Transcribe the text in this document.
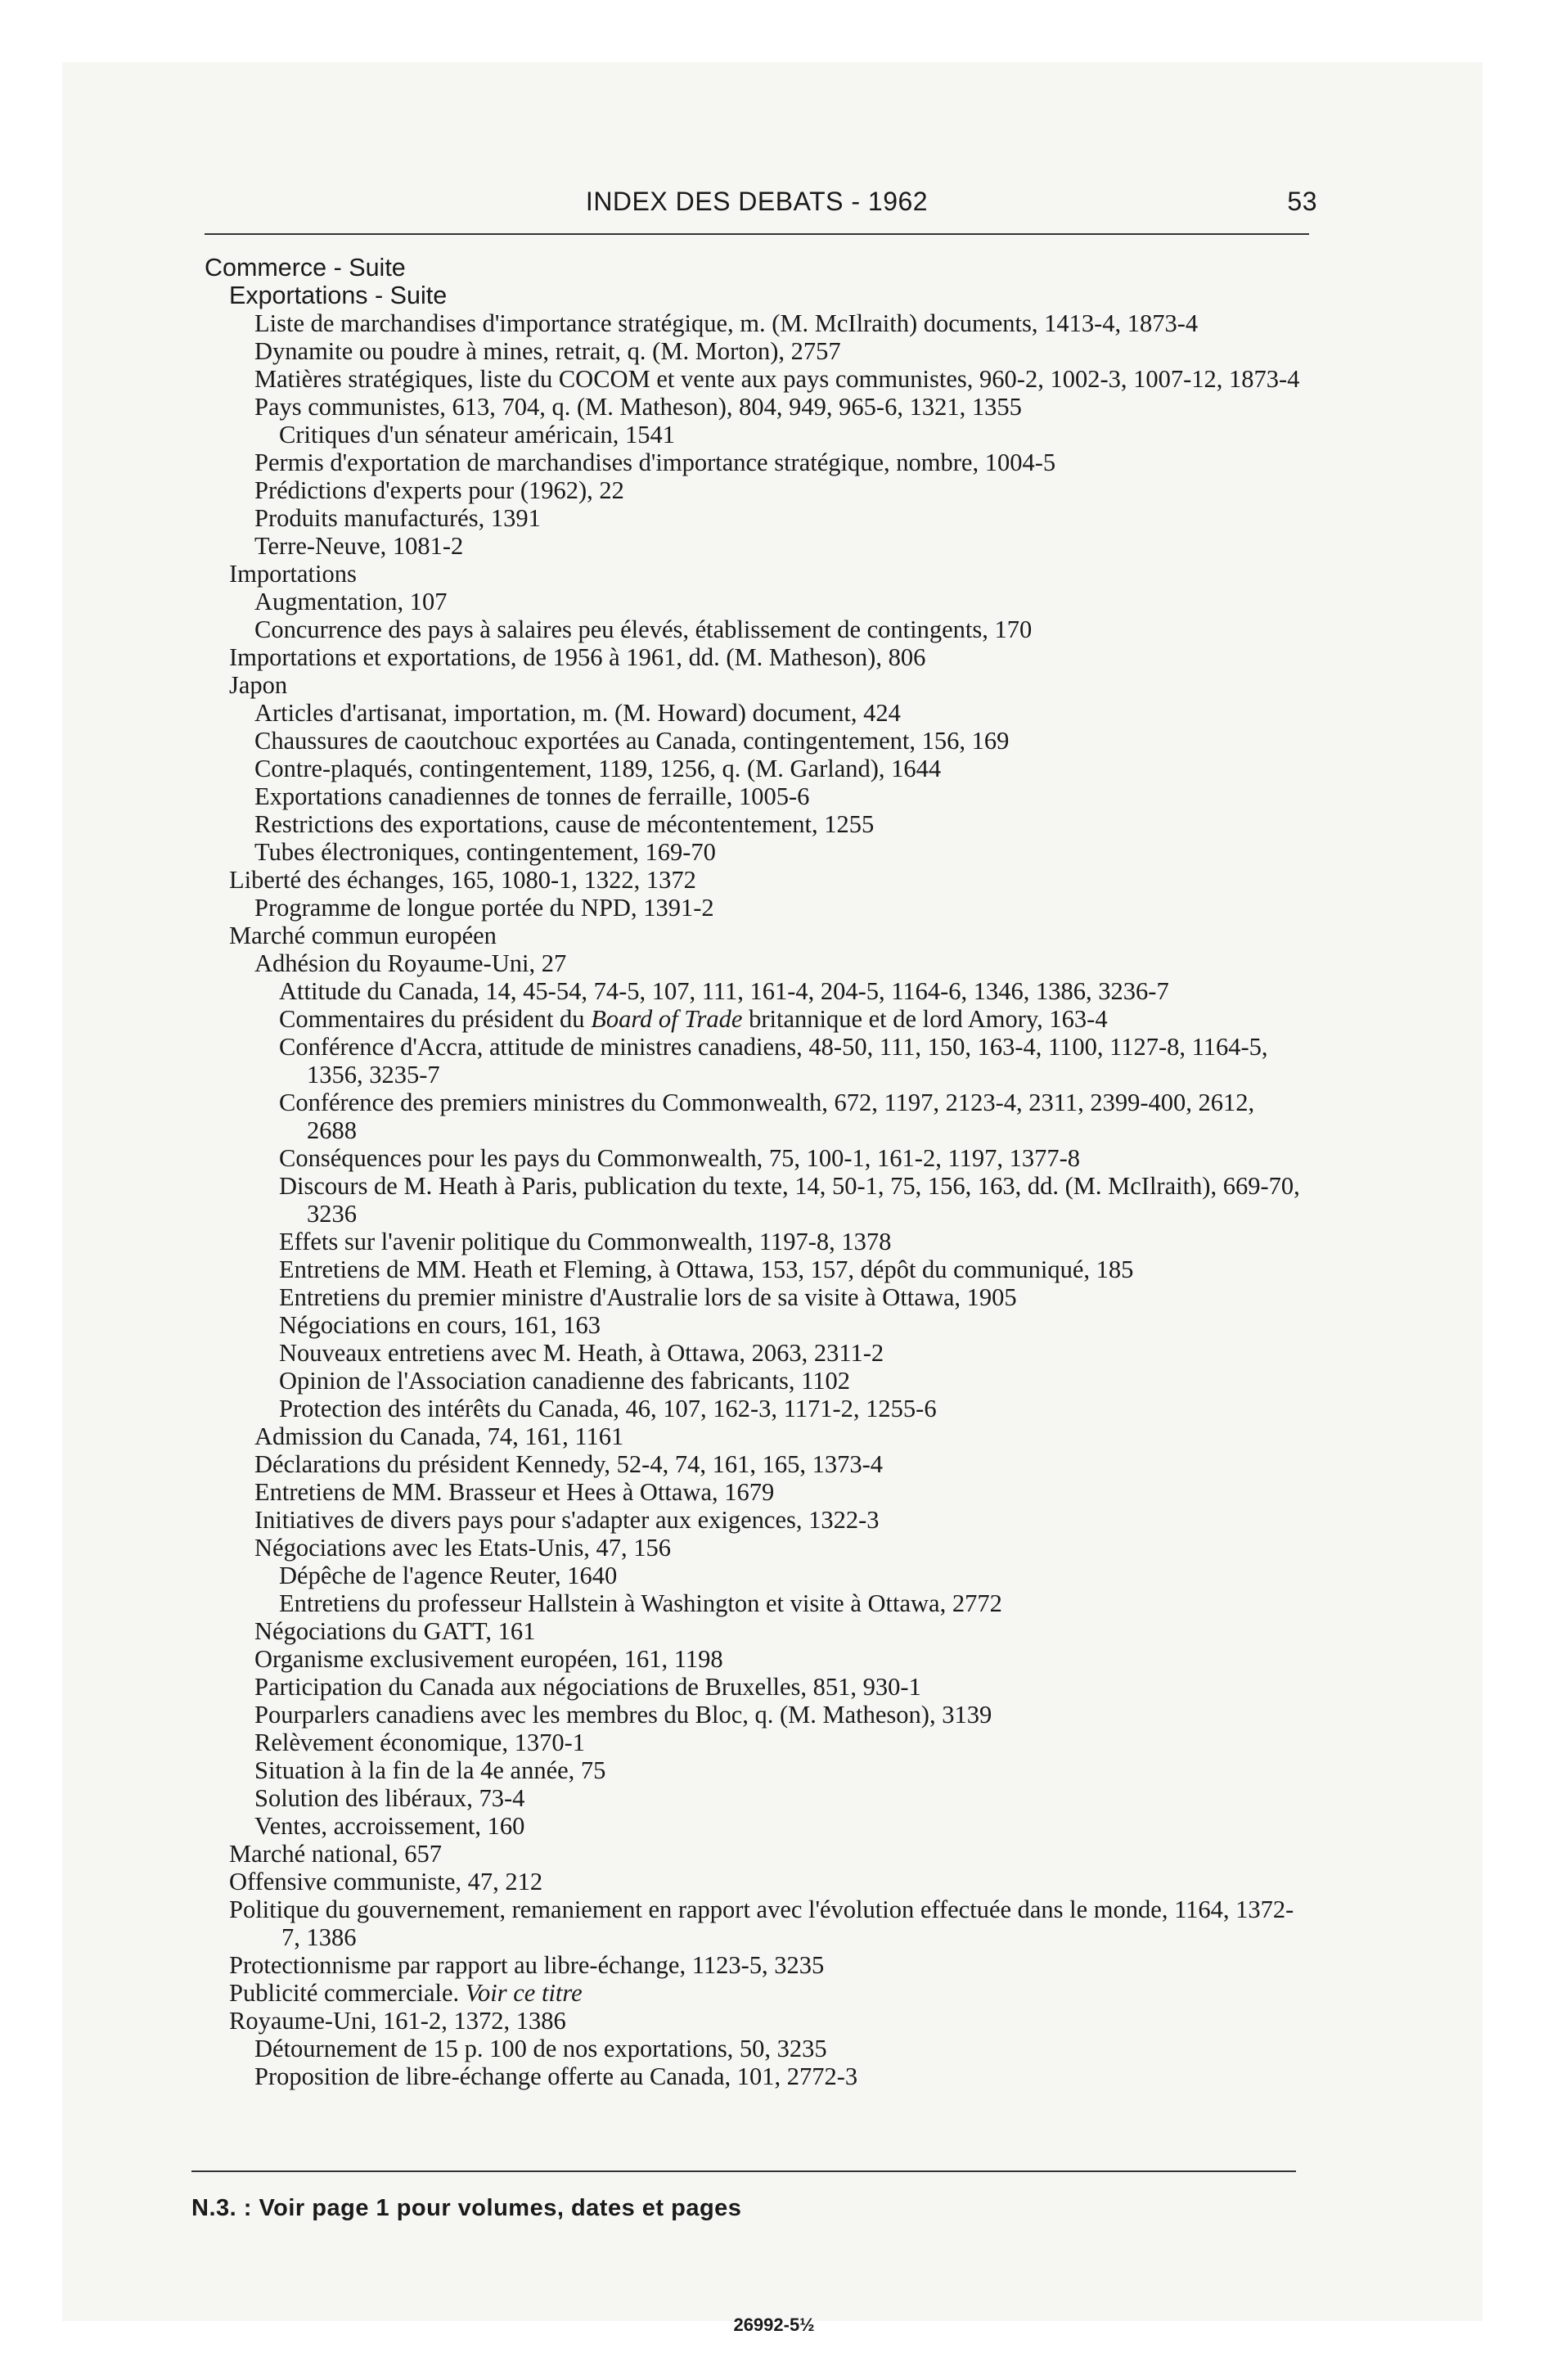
INDEX DES DEBATS - 1962	53

Commerce - Suite

Exportations - Suite

Liste de marchandises d'importance stratégique, m. (M. McIlraith) documents, 1413-4, 1873-4

Dynamite ou poudre à mines, retrait, q. (M. Morton), 2757

Matières stratégiques, liste du COCOM et vente aux pays communistes, 960-2, 1002-3, 1007-12, 1873-4

Pays communistes, 613, 704, q. (M. Matheson), 804, 949, 965-6, 1321, 1355

Critiques d'un sénateur américain, 1541

Permis d'exportation de marchandises d'importance stratégique, nombre, 1004-5

Prédictions d'experts pour (1962), 22

Produits manufacturés, 1391

Terre-Neuve, 1081-2

Importations

Augmentation, 107

Concurrence des pays à salaires peu élevés, établissement de contingents, 170

Importations et exportations, de 1956 à 1961, dd. (M. Matheson), 806

Japon

Articles d'artisanat, importation, m. (M. Howard) document, 424

Chaussures de caoutchouc exportées au Canada, contingentement, 156, 169

Contre-plaqués, contingentement, 1189, 1256, q. (M. Garland), 1644

Exportations canadiennes de tonnes de ferraille, 1005-6

Restrictions des exportations, cause de mécontentement, 1255

Tubes électroniques, contingentement, 169-70

Liberté des échanges, 165, 1080-1, 1322, 1372

Programme de longue portée du NPD, 1391-2

Marché commun européen

Adhésion du Royaume-Uni, 27

Attitude du Canada, 14, 45-54, 74-5, 107, 111, 161-4, 204-5, 1164-6, 1346, 1386, 3236-7

Commentaires du président du Board of Trade britannique et de lord Amory, 163-4

Conférence d'Accra, attitude de ministres canadiens, 48-50, 111, 150, 163-4, 1100, 1127-8, 1164-5, 1356, 3235-7

Conférence des premiers ministres du Commonwealth, 672, 1197, 2123-4, 2311, 2399-400, 2612, 2688

Conséquences pour les pays du Commonwealth, 75, 100-1, 161-2, 1197, 1377-8

Discours de M. Heath à Paris, publication du texte, 14, 50-1, 75, 156, 163, dd. (M. McIlraith), 669-70, 3236

Effets sur l'avenir politique du Commonwealth, 1197-8, 1378

Entretiens de MM. Heath et Fleming, à Ottawa, 153, 157, dépôt du communiqué, 185

Entretiens du premier ministre d'Australie lors de sa visite à Ottawa, 1905

Négociations en cours, 161, 163

Nouveaux entretiens avec M. Heath, à Ottawa, 2063, 2311-2

Opinion de l'Association canadienne des fabricants, 1102

Protection des intérêts du Canada, 46, 107, 162-3, 1171-2, 1255-6

Admission du Canada, 74, 161, 1161

Déclarations du président Kennedy, 52-4, 74, 161, 165, 1373-4

Entretiens de MM. Brasseur et Hees à Ottawa, 1679

Initiatives de divers pays pour s'adapter aux exigences, 1322-3

Négociations avec les Etats-Unis, 47, 156

Dépêche de l'agence Reuter, 1640

Entretiens du professeur Hallstein à Washington et visite à Ottawa, 2772

Négociations du GATT, 161

Organisme exclusivement européen, 161, 1198

Participation du Canada aux négociations de Bruxelles, 851, 930-1

Pourparlers canadiens avec les membres du Bloc, q. (M. Matheson), 3139

Relèvement économique, 1370-1

Situation à la fin de la 4e année, 75

Solution des libéraux, 73-4

Ventes, accroissement, 160

Marché national, 657

Offensive communiste, 47, 212

Politique du gouvernement, remaniement en rapport avec l'évolution effectuée dans le monde, 1164, 1372-7, 1386

Protectionnisme par rapport au libre-échange, 1123-5, 3235

Publicité commerciale. Voir ce titre

Royaume-Uni, 161-2, 1372, 1386

Détournement de 15 p. 100 de nos exportations, 50, 3235

Proposition de libre-échange offerte au Canada, 101, 2772-3

N.3. : Voir page 1 pour volumes, dates et pages
26992-5½
